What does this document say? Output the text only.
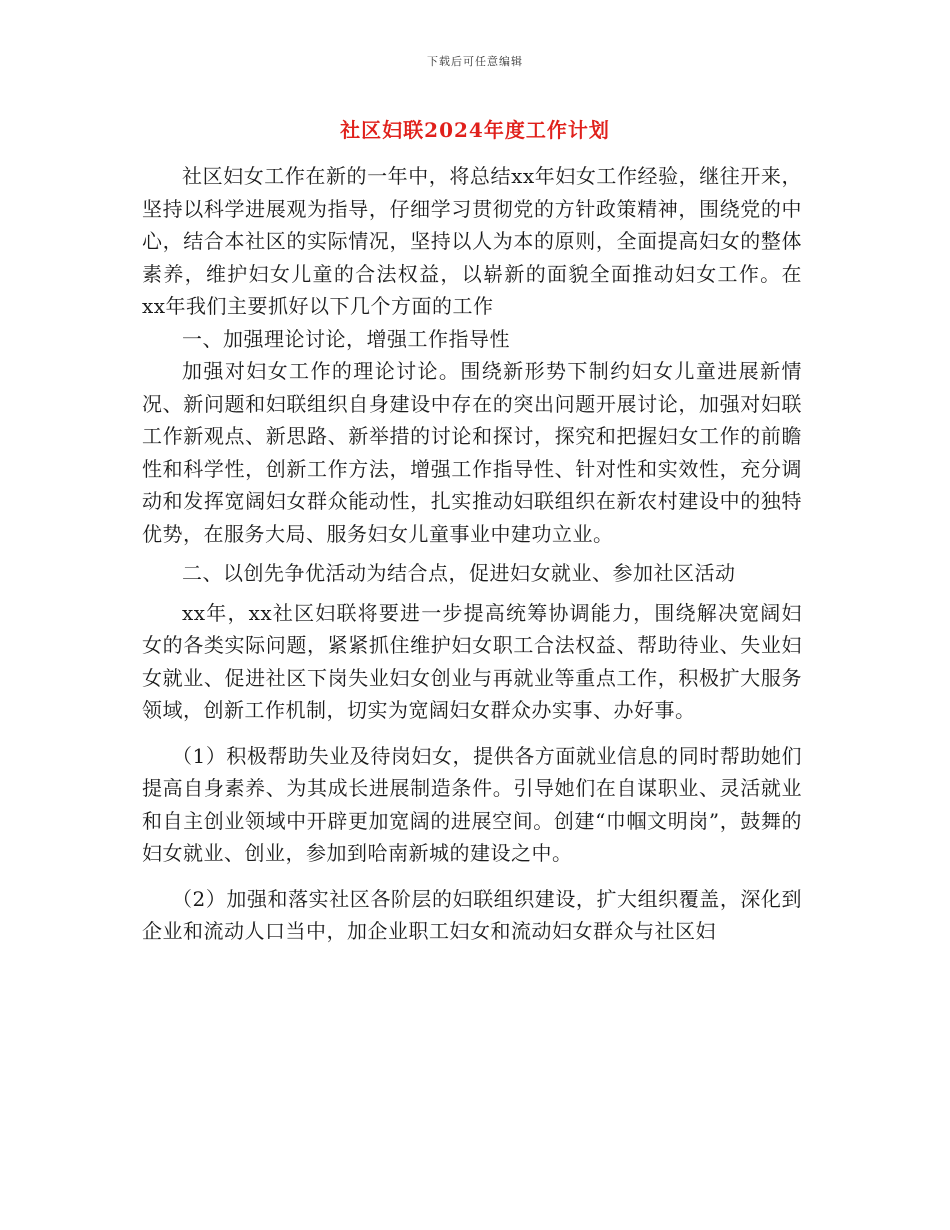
下载后可任意编辑
社区妇联2024年度工作计划

社区妇女工作在新的一年中，将总结xx年妇女工作经验，继往开来，坚持以科学进展观为指导，仔细学习贯彻党的方针政策精神，围绕党的中心，结合本社区的实际情况，坚持以人为本的原则，全面提高妇女的整体素养，维护妇女儿童的合法权益，以崭新的面貌全面推动妇女工作。在 xx年我们主要抓好以下几个方面的工作

一、加强理论讨论，增强工作指导性

加强对妇女工作的理论讨论。围绕新形势下制约妇女儿童进展新情况、新问题和妇联组织自身建设中存在的突出问题开展讨论，加强对妇联工作新观点、新思路、新举措的讨论和探讨，探究和把握妇女工作的前瞻性和科学性，创新工作方法，增强工作指导性、针对性和实效性，充分调动和发挥宽阔妇女群众能动性，扎实推动妇联组织在新农村建设中的独特优势，在服务大局、服务妇女儿童事业中建功立业。

二、以创先争优活动为结合点，促进妇女就业、参加社区活动

xx年，xx社区妇联将要进一步提高统筹协调能力，围绕解决宽阔妇女的各类实际问题，紧紧抓住维护妇女职工合法权益、帮助待业、失业妇女就业、促进社区下岗失业妇女创业与再就业等重点工作，积极扩大服务领域，创新工作机制，切实为宽阔妇女群众办实事、办好事。

（1）积极帮助失业及待岗妇女，提供各方面就业信息的同时帮助她们提高自身素养、为其成长进展制造条件。引导她们在自谋职业、灵活就业和自主创业领域中开辟更加宽阔的进展空间。创建“巾帼文明岗”，鼓舞的妇女就业、创业，参加到哈南新城的建设之中。

（2）加强和落实社区各阶层的妇联组织建设，扩大组织覆盖，深化到企业和流动人口当中，加企业职工妇女和流动妇女群众与社区妇
